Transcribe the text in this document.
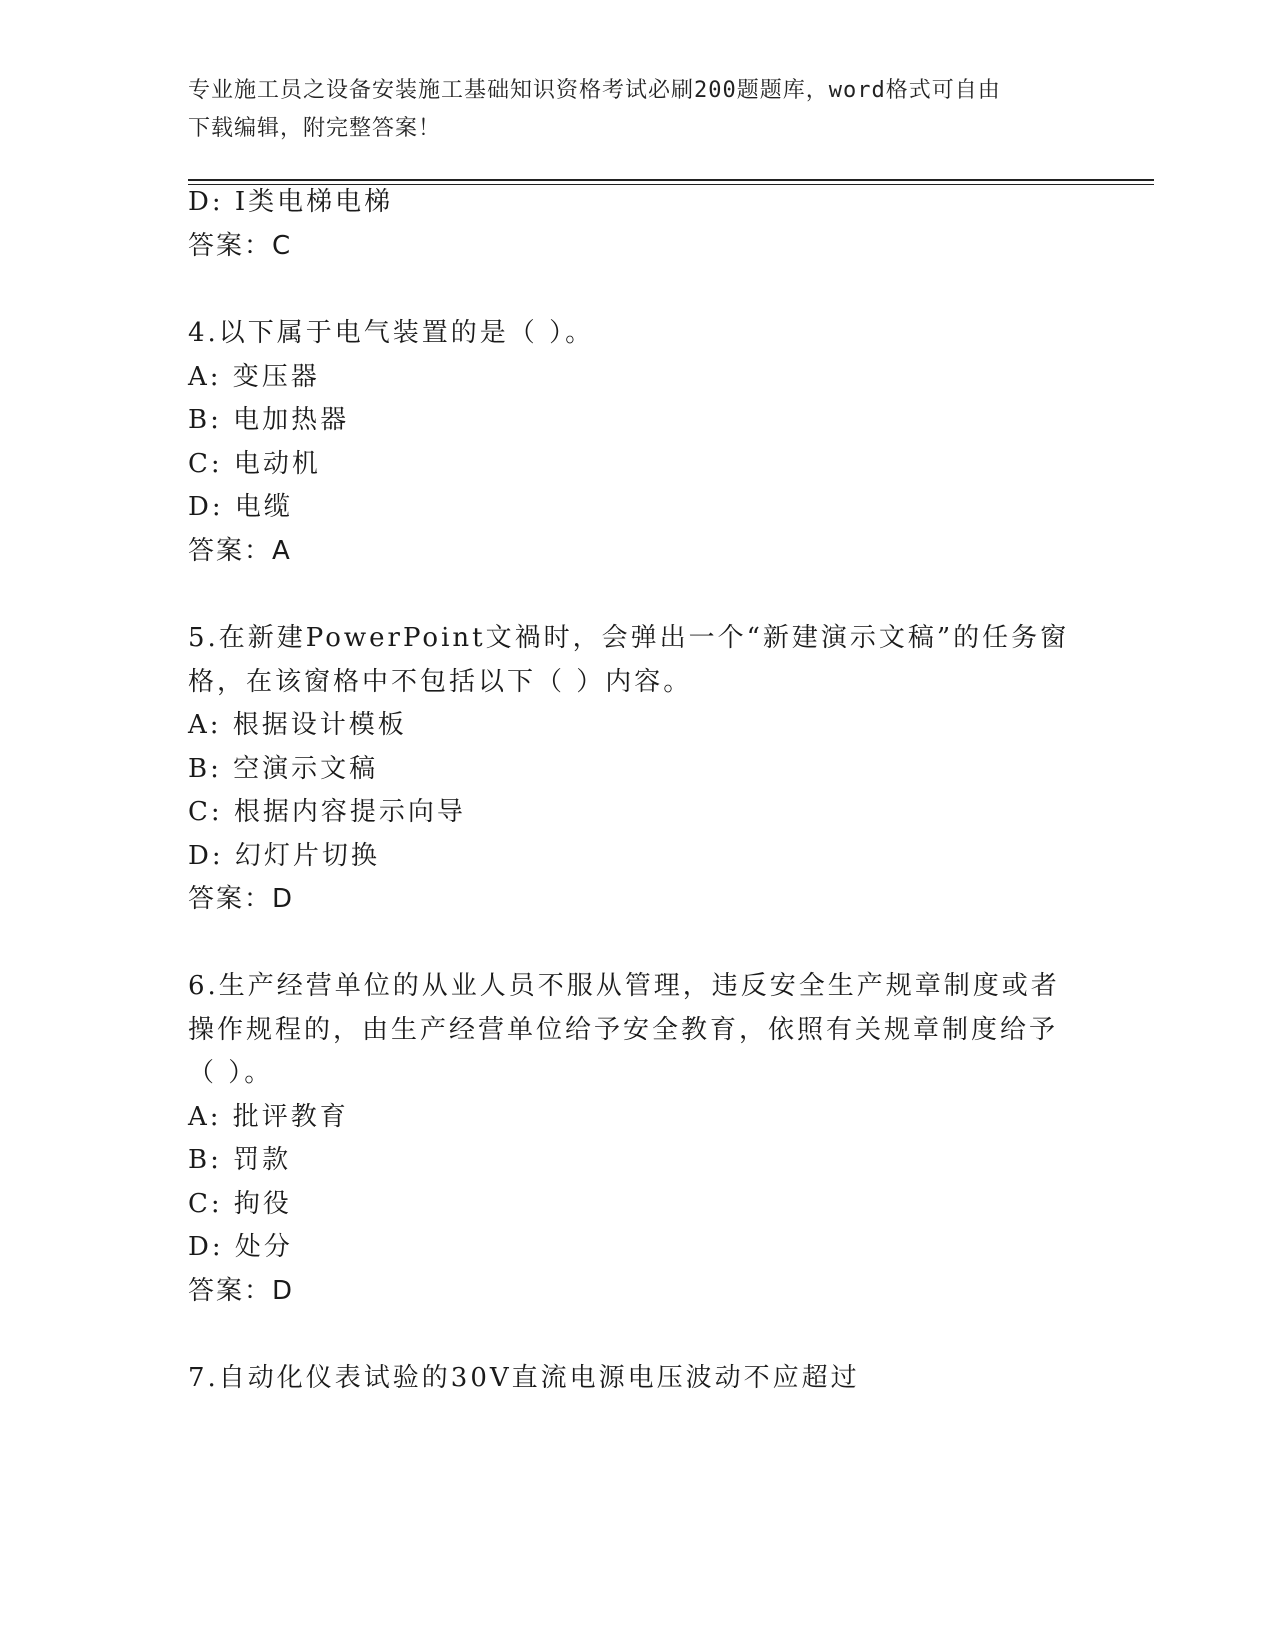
专业施工员之设备安装施工基础知识资格考试必刷200题题库，word格式可自由
下载编辑，附完整答案！
D: Ⅰ类电梯电梯
答案：C
4.以下属于电气装置的是（ ）。
A: 变压器
B: 电加热器
C: 电动机
D: 电缆
答案：A
5.在新建PowerPoint文禍时，会弹出一个“新建演示文稿”的任务窗
格，在该窗格中不包括以下（ ）内容。
A: 根据设计模板
B: 空演示文稿
C: 根据内容提示向导
D: 幻灯片切换
答案：D
6.生产经营单位的从业人员不服从管理，违反安全生产规章制度或者
操作规程的，由生产经营单位给予安全教育，依照有关规章制度给予
（ ）。
A: 批评教育
B: 罚款
C: 拘役
D: 处分
答案：D
7.自动化仪表试验的30V直流电源电压波动不应超过
